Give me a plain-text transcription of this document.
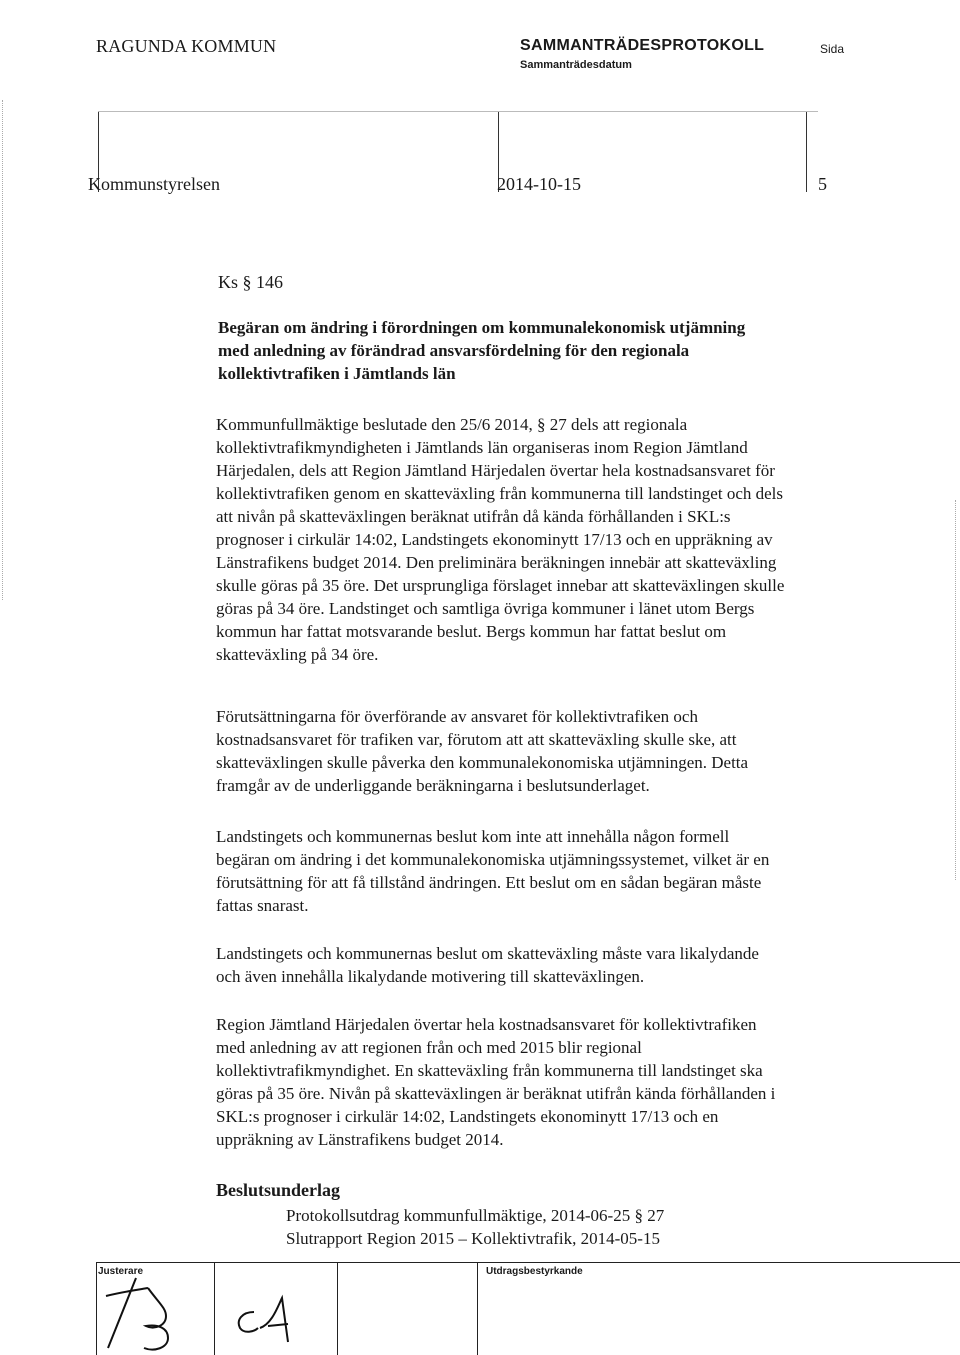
RAGUNDA KOMMUN	SAMMANTRÄDESPROTOKOLL
Sammanträdesdatum
Sida
Kommunstyrelsen	2014-10-15	5
Ks § 146
Begäran om ändring i förordningen om kommunalekonomisk utjämning
med anledning av förändrad ansvarsfördelning för den regionala
kollektivtrafiken i Jämtlands län
Kommunfullmäktige beslutade den 25/6 2014, § 27 dels att regionala
kollektivtrafikmyndigheten i Jämtlands län organiseras inom Region Jämtland
Härjedalen, dels att Region Jämtland Härjedalen övertar hela kostnadsansvaret för
kollektivtrafiken genom en skatteväxling från kommunerna till landstinget och dels
att nivån på skatteväxlingen beräknat utifrån då kända förhållanden i SKL:s
prognoser i cirkulär 14:02, Landstingets ekonominytt 17/13 och en uppräkning av
Länstrafikens budget 2014. Den preliminära beräkningen innebär att skatteväxling
skulle göras på 35 öre. Det ursprungliga förslaget innebar att skatteväxlingen skulle
göras på 34 öre. Landstinget och samtliga övriga kommuner i länet utom Bergs
kommun har fattat motsvarande beslut. Bergs kommun har fattat beslut om
skatteväxling på 34 öre.
Förutsättningarna för överförande av ansvaret för kollektivtrafiken och
kostnadsansvaret för trafiken var, förutom att att skatteväxling skulle ske, att
skatteväxlingen skulle påverka den kommunalekonomiska utjämningen. Detta
framgår av de underliggande beräkningarna i beslutsunderlaget.
Landstingets och kommunernas beslut kom inte att innehålla någon formell
begäran om ändring i det kommunalekonomiska utjämningssystemet, vilket är en
förutsättning för att få tillstånd ändringen. Ett beslut om en sådan begäran måste
fattas snarast.
Landstingets och kommunernas beslut om skatteväxling måste vara likalydande
och även innehålla likalydande motivering till skatteväxlingen.
Region Jämtland Härjedalen övertar hela kostnadsansvaret för kollektivtrafiken
med anledning av att regionen från och med 2015 blir regional
kollektivtrafikmyndighet. En skatteväxling från kommunerna till landstinget ska
göras på 35 öre. Nivån på skatteväxlingen är beräknat utifrån kända förhållanden i
SKL:s prognoser i cirkulär 14:02, Landstingets ekonominytt 17/13 och en
uppräkning av Länstrafikens budget 2014.
Beslutsunderlag
Protokollsutdrag kommunfullmäktige, 2014-06-25 § 27
Slutrapport Region 2015 – Kollektivtrafik, 2014-05-15
Justerare	Utdragsbestyrkande
